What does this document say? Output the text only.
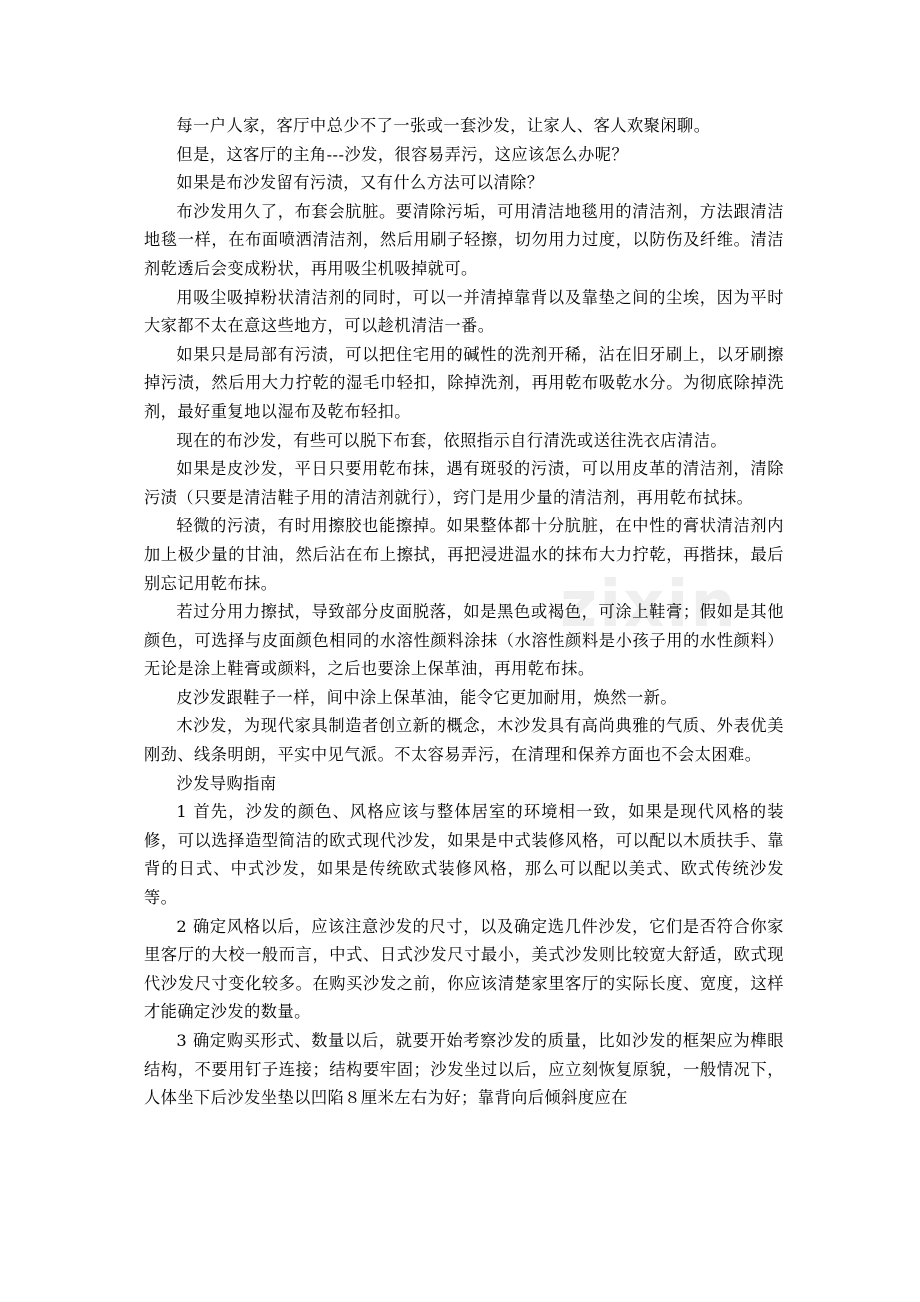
每一户人家，客厅中总少不了一张或一套沙发，让家人、客人欢聚闲聊。

但是，这客厅的主角---沙发，很容易弄污，这应该怎么办呢？

如果是布沙发留有污渍，又有什么方法可以清除？

布沙发用久了，布套会肮脏。要清除污垢，可用清洁地毯用的清洁剂，方法跟清洁地毯一样，在布面喷洒清洁剂，然后用刷子轻擦，切勿用力过度，以防伤及纤维。清洁剂乾透后会变成粉状，再用吸尘机吸掉就可。

用吸尘吸掉粉状清洁剂的同时，可以一并清掉靠背以及靠垫之间的尘埃，因为平时大家都不太在意这些地方，可以趁机清洁一番。

如果只是局部有污渍，可以把住宅用的碱性的洗剂开稀，沾在旧牙刷上，以牙刷擦掉污渍，然后用大力拧乾的湿毛巾轻扣，除掉洗剂，再用乾布吸乾水分。为彻底除掉洗剂，最好重复地以湿布及乾布轻扣。

现在的布沙发，有些可以脱下布套，依照指示自行清洗或送往洗衣店清洁。

如果是皮沙发，平日只要用乾布抹，遇有斑驳的污渍，可以用皮革的清洁剂，清除污渍（只要是清洁鞋子用的清洁剂就行），窍门是用少量的清洁剂，再用乾布拭抹。

轻微的污渍，有时用擦胶也能擦掉。如果整体都十分肮脏，在中性的膏状清洁剂内加上极少量的甘油，然后沾在布上擦拭，再把浸进温水的抹布大力拧乾，再揩抹，最后别忘记用乾布抹。

若过分用力擦拭，导致部分皮面脱落，如是黑色或褐色，可涂上鞋膏；假如是其他颜色，可选择与皮面颜色相同的水溶性颜料涂抹（水溶性颜料是小孩子用的水性颜料）无论是涂上鞋膏或颜料，之后也要涂上保革油，再用乾布抹。

皮沙发跟鞋子一样，间中涂上保革油，能令它更加耐用，焕然一新。

木沙发，为现代家具制造者创立新的概念，木沙发具有高尚典雅的气质、外表优美刚劲、线条明朗，平实中见气派。不太容易弄污，在清理和保养方面也不会太困难。

沙发导购指南

1 首先，沙发的颜色、风格应该与整体居室的环境相一致，如果是现代风格的装修，可以选择造型简洁的欧式现代沙发，如果是中式装修风格，可以配以木质扶手、靠背的日式、中式沙发，如果是传统欧式装修风格，那么可以配以美式、欧式传统沙发等。

2 确定风格以后，应该注意沙发的尺寸，以及确定选几件沙发，它们是否符合你家里客厅的大校一般而言，中式、日式沙发尺寸最小，美式沙发则比较宽大舒适，欧式现代沙发尺寸变化较多。在购买沙发之前，你应该清楚家里客厅的实际长度、宽度，这样才能确定沙发的数量。

3 确定购买形式、数量以后，就要开始考察沙发的质量，比如沙发的框架应为榫眼结构，不要用钉子连接；结构要牢固；沙发坐过以后，应立刻恢复原貌，一般情况下，人体坐下后沙发坐垫以凹陷８厘米左右为好；靠背向后倾斜度应在

zixin
